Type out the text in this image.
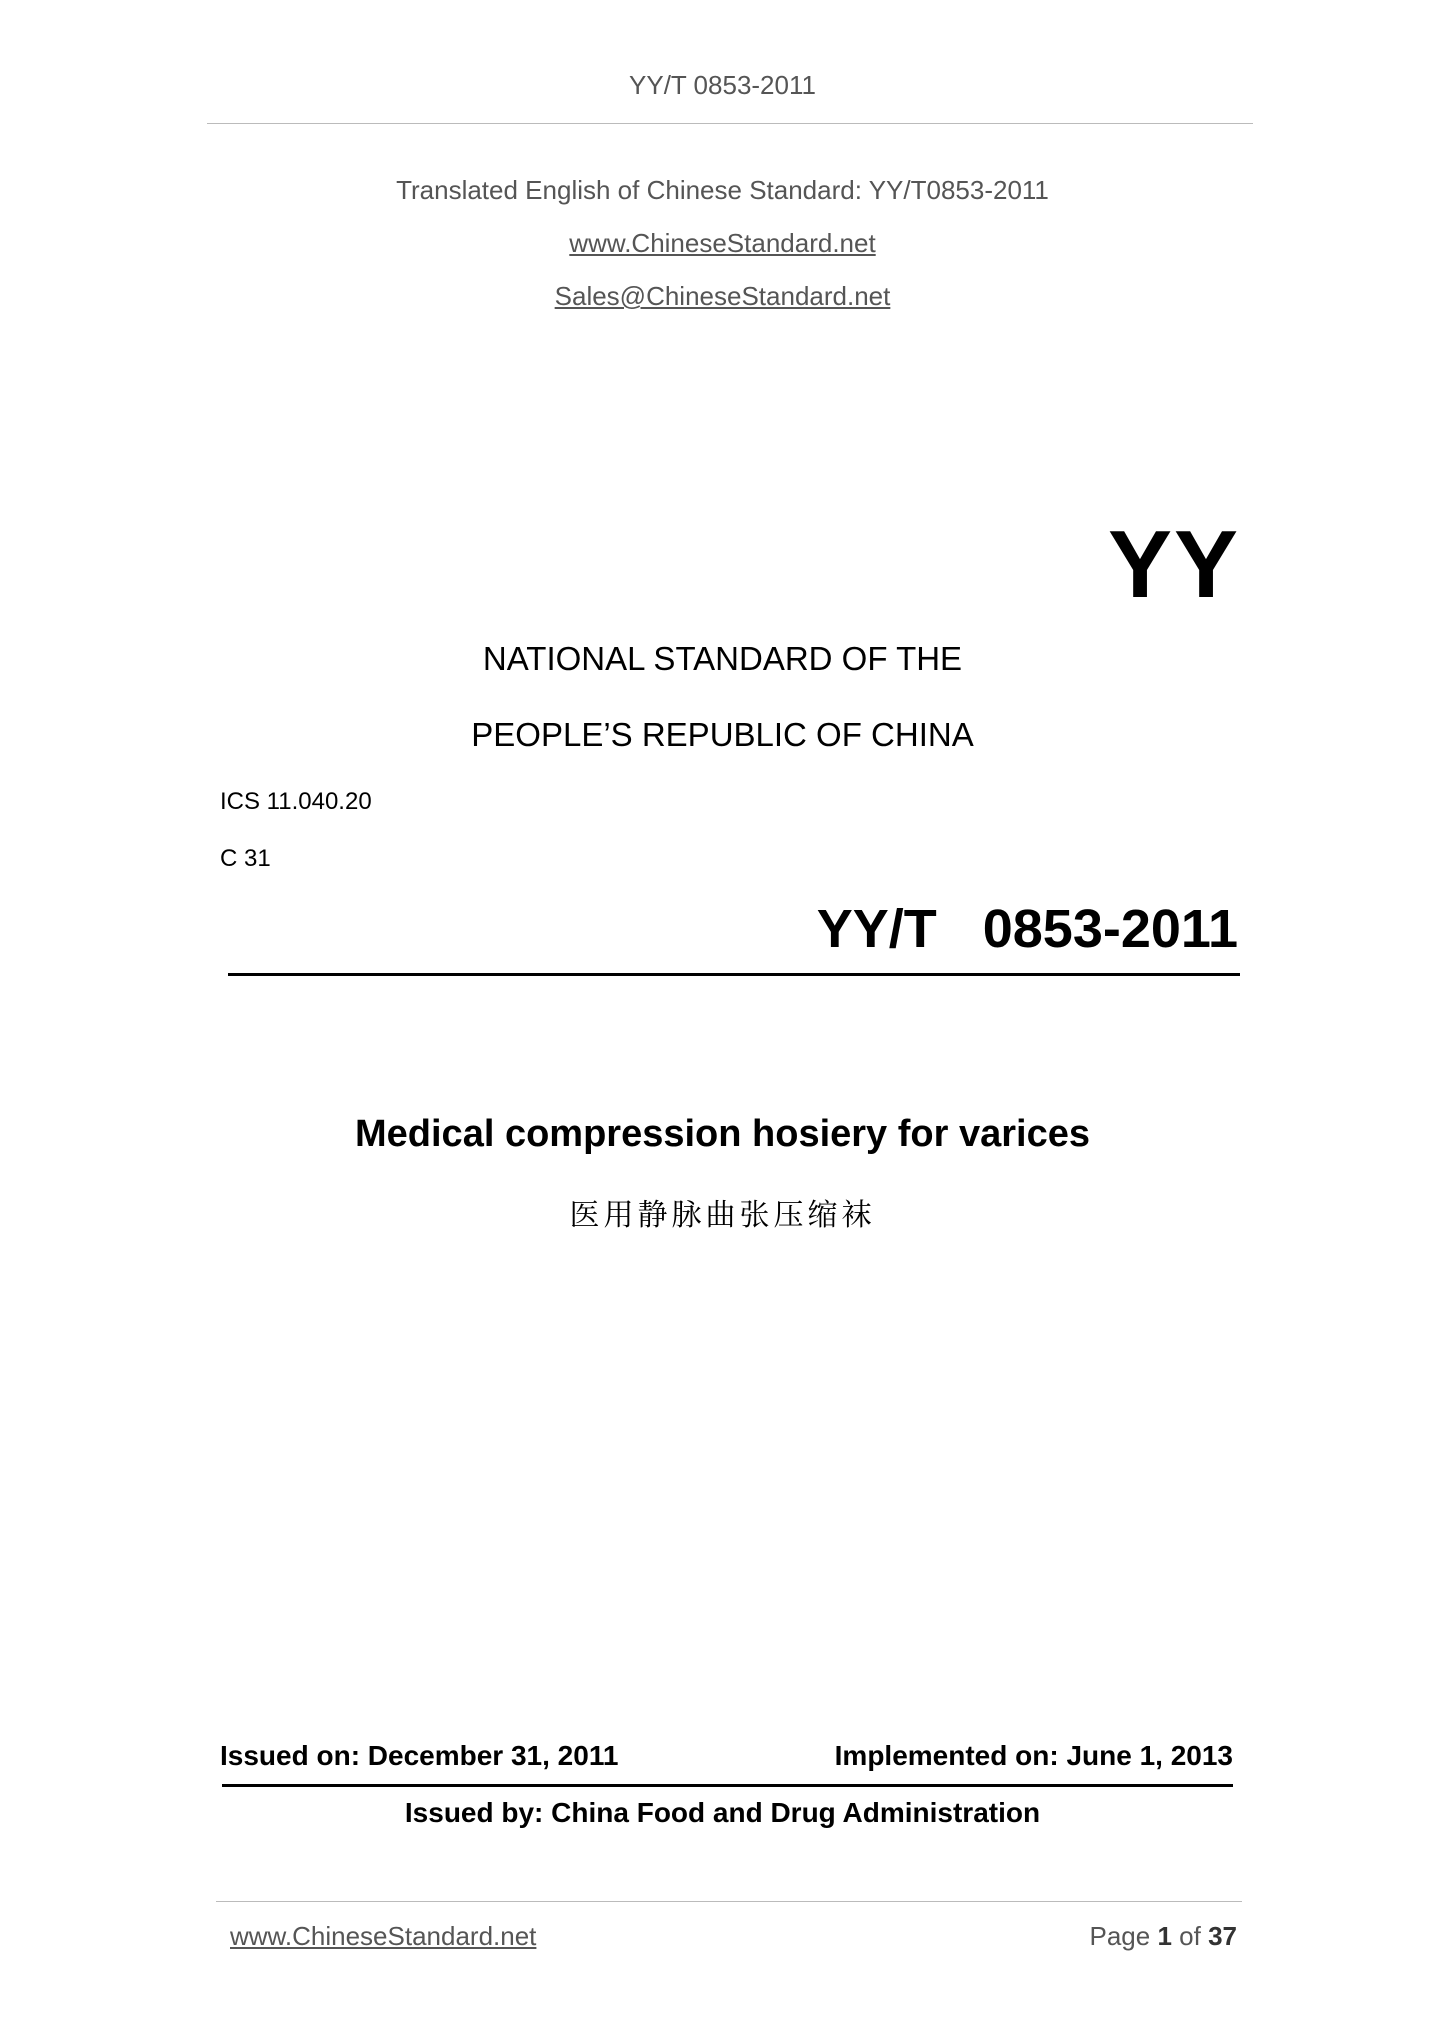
YY/T 0853-2011
Translated English of Chinese Standard: YY/T0853-2011
www.ChineseStandard.net
Sales@ChineseStandard.net
YY
NATIONAL STANDARD OF THE
PEOPLE’S REPUBLIC OF CHINA
ICS 11.040.20
C 31
YY/T  0853-2011
Medical compression hosiery for varices
医用静脉曲张压缩袜
Issued on: December 31, 2011	Implemented on: June 1, 2013
Issued by: China Food and Drug Administration
www.ChineseStandard.net	Page 1 of 37
